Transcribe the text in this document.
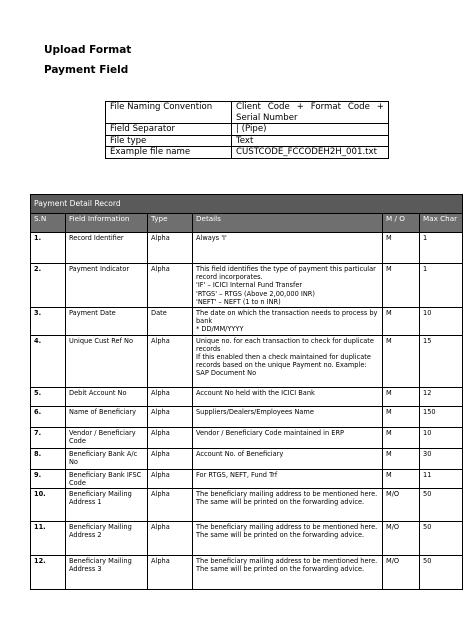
Upload Format
Payment Field
File Naming Convention	Client Code + Format Code + Serial Number
Field Separator	| (Pipe)
File type	Text
Example file name	CUSTCODE_FCCODEH2H_001.txt
Payment Detail Record					
S.N	Field Information	Type	Details	M / O	Max Char
1.	Record Identifier	Alpha	Always 'I'	M	1
2.	Payment Indicator	Alpha	This field identifies the type of payment this particular record incorporates.
'IF' – ICICI Internal Fund Transfer
'RTGS' – RTGS (Above 2,00,000 INR)
'NEFT' – NEFT (1 to n INR)	M	1
3.	Payment Date	Date	The date on which the transaction needs to process by bank
* DD/MM/YYYY	M	10
4.	Unique Cust Ref No	Alpha	Unique no. for each transaction to check for duplicate records
If this enabled then a check maintained for duplicate records based on the unique Payment no. Example: SAP Document No	M	15
5.	Debit Account No	Alpha	Account No held with the ICICI Bank	M	12
6.	Name of Beneficiary	Alpha	Suppliers/Dealers/Employees Name	M	150
7.	Vendor / Beneficiary Code	Alpha	Vendor / Beneficiary Code maintained in ERP	M	10
8.	Beneficiary Bank A/c No	Alpha	Account No. of Beneficiary	M	30
9.	Beneficiary Bank IFSC Code	Alpha	For RTGS, NEFT, Fund Trf	M	11
10.	Beneficiary Mailing Address 1	Alpha	The beneficiary mailing address to be mentioned here. The same will be printed on the forwarding advice.	M/O	50
11.	Beneficiary Mailing Address 2	Alpha	The beneficiary mailing address to be mentioned here. The same will be printed on the forwarding advice.	M/O	50
12.	Beneficiary Mailing Address 3	Alpha	The beneficiary mailing address to be mentioned here. The same will be printed on the forwarding advice.	M/O	50
